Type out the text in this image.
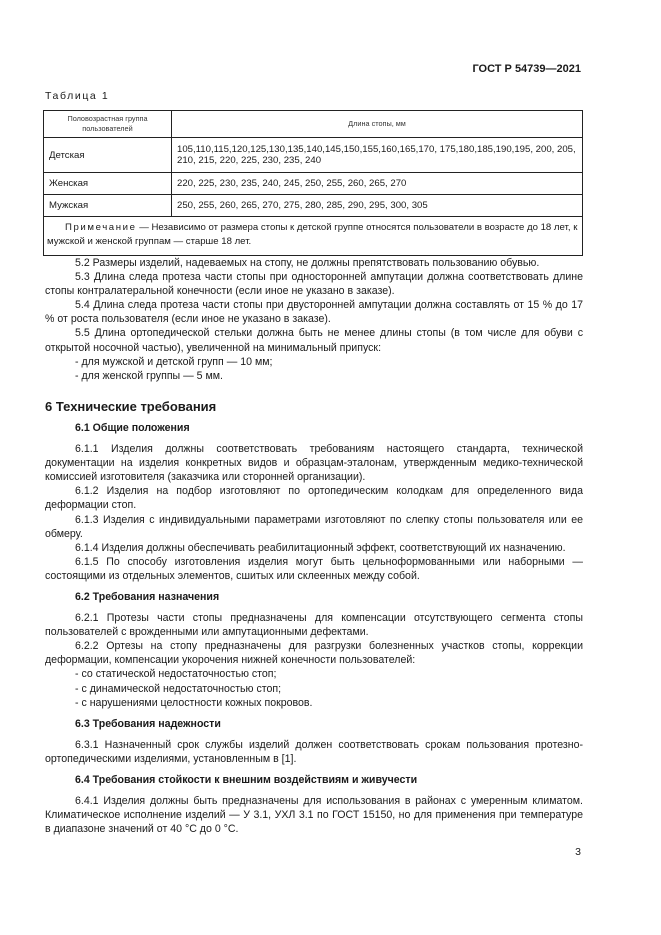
ГОСТ Р 54739—2021
Таблица 1
Половозрастная группа пользователей	Длина стопы, мм
Детская	105,110,115,120,125,130,135,140,145,150,155,160,165,170, 175,180,185,190,195, 200, 205, 210, 215, 220, 225, 230, 235, 240
Женская	220, 225, 230, 235, 240, 245, 250, 255, 260, 265, 270
Мужская	250, 255, 260, 265, 270, 275, 280, 285, 290, 295, 300, 305
Примечание — Независимо от размера стопы к детской группе относятся пользователи в возрасте до 18 лет, к мужской и женской группам — старше 18 лет.	

5.2 Размеры изделий, надеваемых на стопу, не должны препятствовать пользованию обувью.

5.3 Длина следа протеза части стопы при односторонней ампутации должна соответствовать длине стопы контралатеральной конечности (если иное не указано в заказе).

5.4 Длина следа протеза части стопы при двусторонней ампутации должна составлять от 15 % до 17 % от роста пользователя (если иное не указано в заказе).

5.5 Длина ортопедической стельки должна быть не менее длины стопы (в том числе для обуви с открытой носочной частью), увеличенной на минимальный припуск:

- для мужской и детской групп — 10 мм;

- для женской группы — 5 мм.

6 Технические требования
6.1 Общие положения

6.1.1 Изделия должны соответствовать требованиям настоящего стандарта, технической документации на изделия конкретных видов и образцам-эталонам, утвержденным медико-технической комиссией изготовителя (заказчика или сторонней организации).

6.1.2 Изделия на подбор изготовляют по ортопедическим колодкам для определенного вида деформации стоп.

6.1.3 Изделия с индивидуальными параметрами изготовляют по слепку стопы пользователя или ее обмеру.

6.1.4 Изделия должны обеспечивать реабилитационный эффект, соответствующий их назначению.

6.1.5 По способу изготовления изделия могут быть цельноформованными или наборными — состоящими из отдельных элементов, сшитых или склеенных между собой.

6.2 Требования назначения

6.2.1 Протезы части стопы предназначены для компенсации отсутствующего сегмента стопы пользователей с врожденными или ампутационными дефектами.

6.2.2 Ортезы на стопу предназначены для разгрузки болезненных участков стопы, коррекции деформации, компенсации укорочения нижней конечности пользователей:

- со статической недостаточностью стоп;

- с динамической недостаточностью стоп;

- с нарушениями целостности кожных покровов.

6.3 Требования надежности

6.3.1 Назначенный срок службы изделий должен соответствовать срокам пользования протезно-ортопедическими изделиями, установленным в [1].

6.4 Требования стойкости к внешним воздействиям и живучести

6.4.1 Изделия должны быть предназначены для использования в районах с умеренным климатом. Климатическое исполнение изделий — У 3.1, УХЛ 3.1 по ГОСТ 15150, но для применения при температуре в диапазоне значений от 40 °С до 0 °С.

3
